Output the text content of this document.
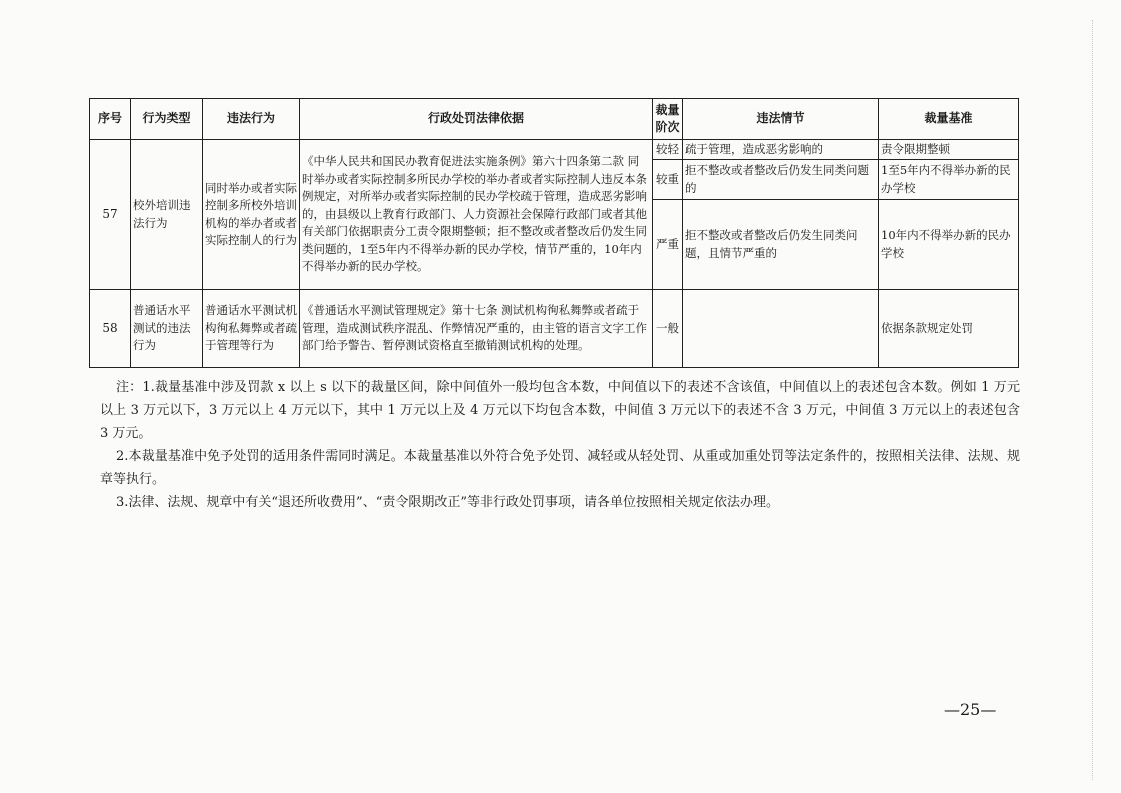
序号	行为类型	违法行为	行政处罚法律依据	裁量阶次	违法情节	裁量基准
57	校外培训违法行为	同时举办或者实际控制多所校外培训机构的举办者或者实际控制人的行为	《中华人民共和国民办教育促进法实施条例》第六十四条第二款 同时举办或者实际控制多所民办学校的举办者或者实际控制人违反本条例规定，对所举办或者实际控制的民办学校疏于管理，造成恶劣影响的，由县级以上教育行政部门、人力资源社会保障行政部门或者其他有关部门依据职责分工责令限期整顿；拒不整改或者整改后仍发生同类问题的，1至5年内不得举办新的民办学校，情节严重的，10年内不得举办新的民办学校。	较轻	疏于管理，造成恶劣影响的	责令限期整顿
				较重	拒不整改或者整改后仍发生同类问题的	1至5年内不得举办新的民办学校
				严重	拒不整改或者整改后仍发生同类问题，且情节严重的	10年内不得举办新的民办学校
58	普通话水平测试的违法行为	普通话水平测试机构徇私舞弊或者疏于管理等行为	《普通话水平测试管理规定》第十七条 测试机构徇私舞弊或者疏于管理，造成测试秩序混乱、作弊情况严重的，由主管的语言文字工作部门给予警告、暂停测试资格直至撤销测试机构的处理。	一般		依据条款规定处罚

注：1.裁量基准中涉及罚款 x 以上 s 以下的裁量区间，除中间值外一般均包含本数，中间值以下的表述不含该值，中间值以上的表述包含本数。例如 1 万元以上 3 万元以下，3 万元以上 4 万元以下，其中 1 万元以上及 4 万元以下均包含本数，中间值 3 万元以下的表述不含 3 万元，中间值 3 万元以上的表述包含 3 万元。

2.本裁量基准中免予处罚的适用条件需同时满足。本裁量基准以外符合免予处罚、减轻或从轻处罚、从重或加重处罚等法定条件的，按照相关法律、法规、规章等执行。

3.法律、法规、规章中有关“退还所收费用”、“责令限期改正”等非行政处罚事项，请各单位按照相关规定依法办理。

—25—
